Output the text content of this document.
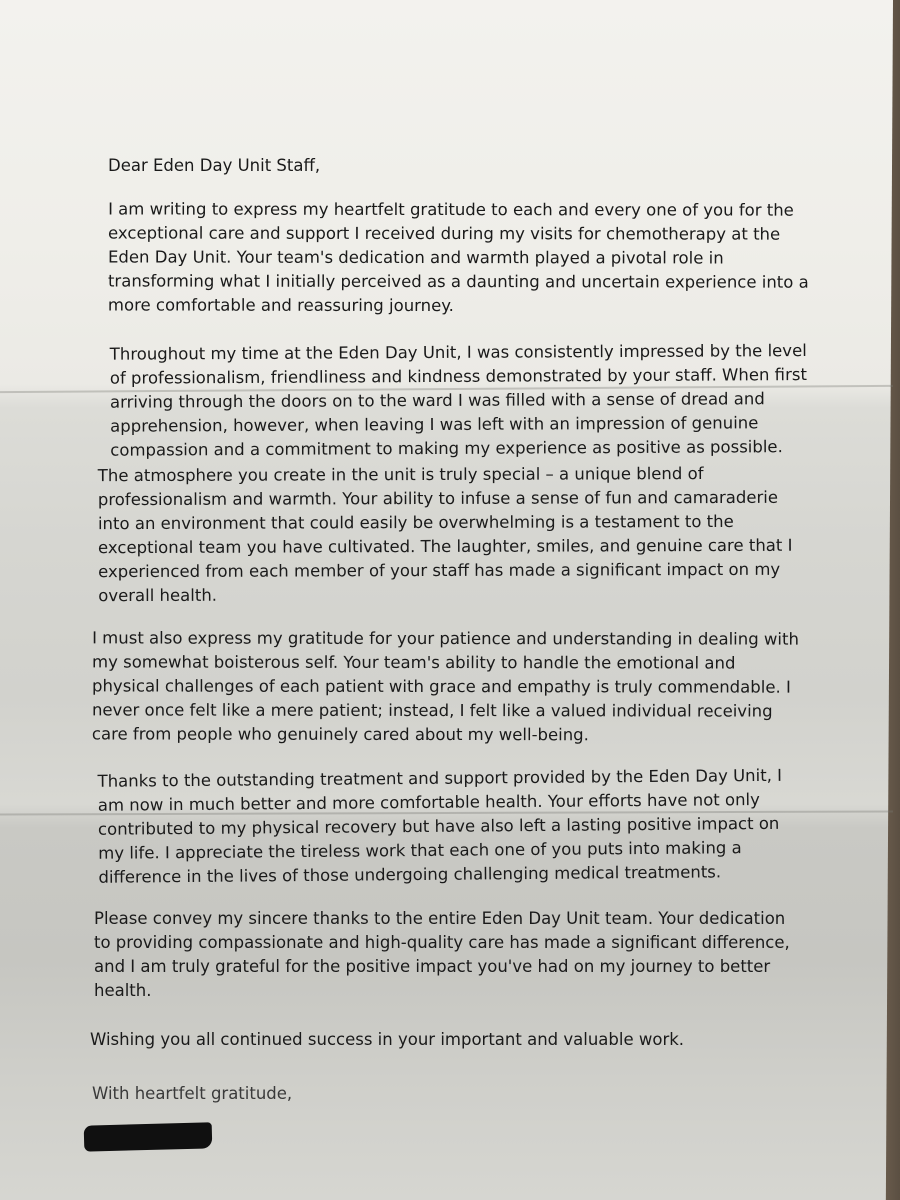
Dear Eden Day Unit Staff,

I am writing to express my heartfelt gratitude to each and every one of you for the
exceptional care and support I received during my visits for chemotherapy at the
Eden Day Unit. Your team's dedication and warmth played a pivotal role in
transforming what I initially perceived as a daunting and uncertain experience into a
more comfortable and reassuring journey.
Throughout my time at the Eden Day Unit, I was consistently impressed by the level
of professionalism, friendliness and kindness demonstrated by your staff. When first
arriving through the doors on to the ward I was filled with a sense of dread and
apprehension, however, when leaving I was left with an impression of genuine
compassion and a commitment to making my experience as positive as possible.
The atmosphere you create in the unit is truly special – a unique blend of
professionalism and warmth. Your ability to infuse a sense of fun and camaraderie
into an environment that could easily be overwhelming is a testament to the
exceptional team you have cultivated. The laughter, smiles, and genuine care that I
experienced from each member of your staff has made a significant impact on my
overall health.
I must also express my gratitude for your patience and understanding in dealing with
my somewhat boisterous self. Your team's ability to handle the emotional and
physical challenges of each patient with grace and empathy is truly commendable. I
never once felt like a mere patient; instead, I felt like a valued individual receiving
care from people who genuinely cared about my well-being.
Thanks to the outstanding treatment and support provided by the Eden Day Unit, I
am now in much better and more comfortable health. Your efforts have not only
contributed to my physical recovery but have also left a lasting positive impact on
my life. I appreciate the tireless work that each one of you puts into making a
difference in the lives of those undergoing challenging medical treatments.
Please convey my sincere thanks to the entire Eden Day Unit team. Your dedication
to providing compassionate and high-quality care has made a significant difference,
and I am truly grateful for the positive impact you've had on my journey to better
health.

Wishing you all continued success in your important and valuable work.

With heartfelt gratitude,
